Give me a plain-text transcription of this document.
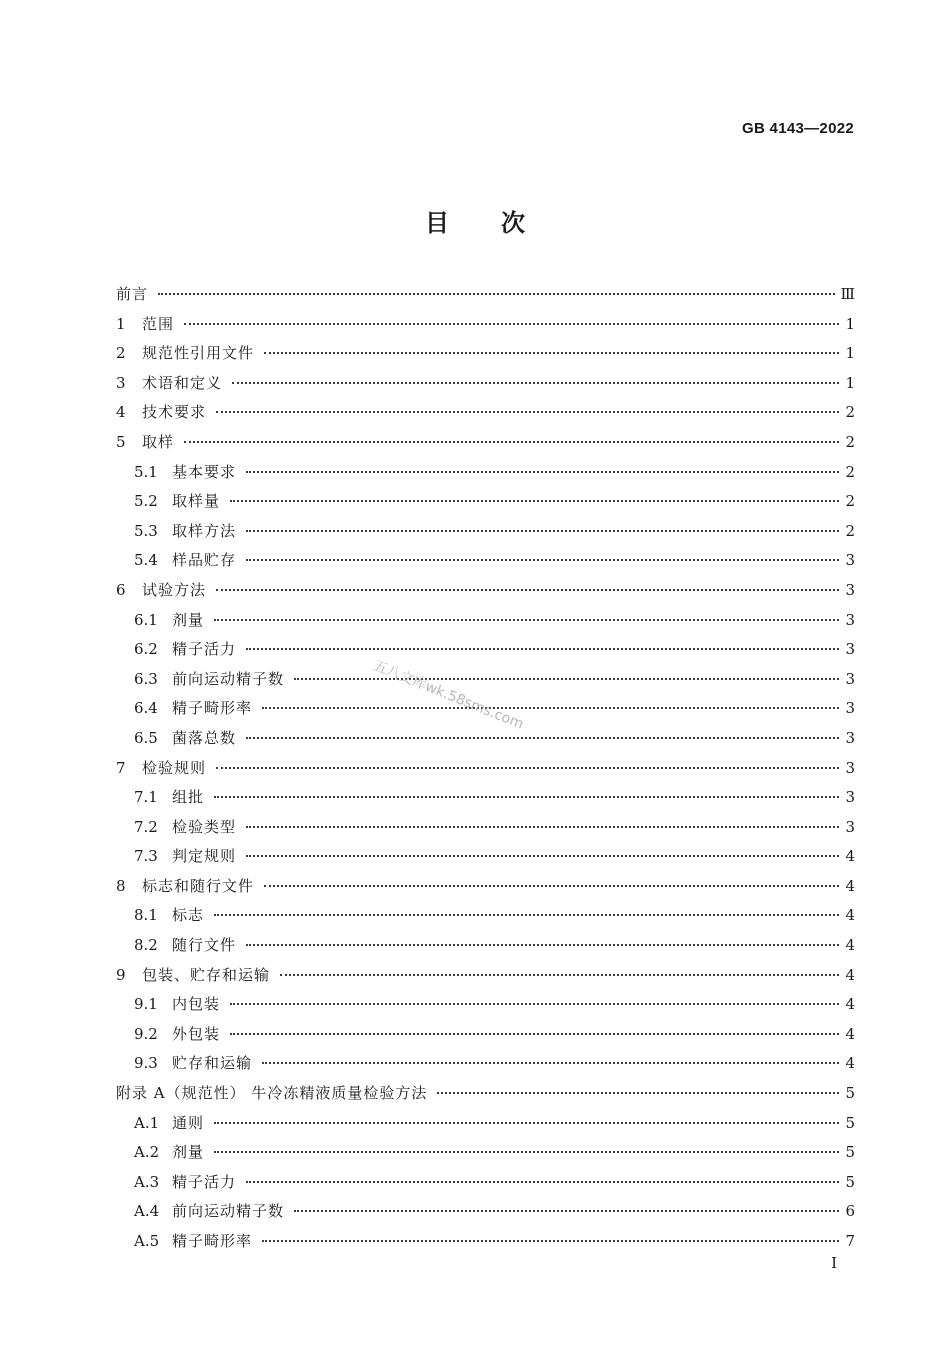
GB 4143—2022
目次
前言	Ⅲ
1	范围	1
2	规范性引用文件	1
3	术语和定义	1
4	技术要求	2
5	取样	2
5.1 基本要求	2
5.2 取样量	2
5.3 取样方法	2
5.4 样品贮存	3
6	试验方法	3
6.1 剂量	3
6.2 精子活力	3
6.3 前向运动精子数	3
6.4 精子畸形率	3
6.5 菌落总数	3
7	检验规则	3
7.1 组批	3
7.2 检验类型	3
7.3 判定规则	4
8	标志和随行文件	4
8.1 标志	4
8.2 随行文件	4
9	包装、贮存和运输	4
9.1 内包装	4
9.2 外包装	4
9.3 贮存和运输	4
附录 A（规范性） 牛冷冻精液质量检验方法	5
A.1 通则	5
A.2 剂量	5
A.3 精子活力	5
A.4 前向运动精子数	6
A.5 精子畸形率	7
五八文库wk.58sms.com
I
